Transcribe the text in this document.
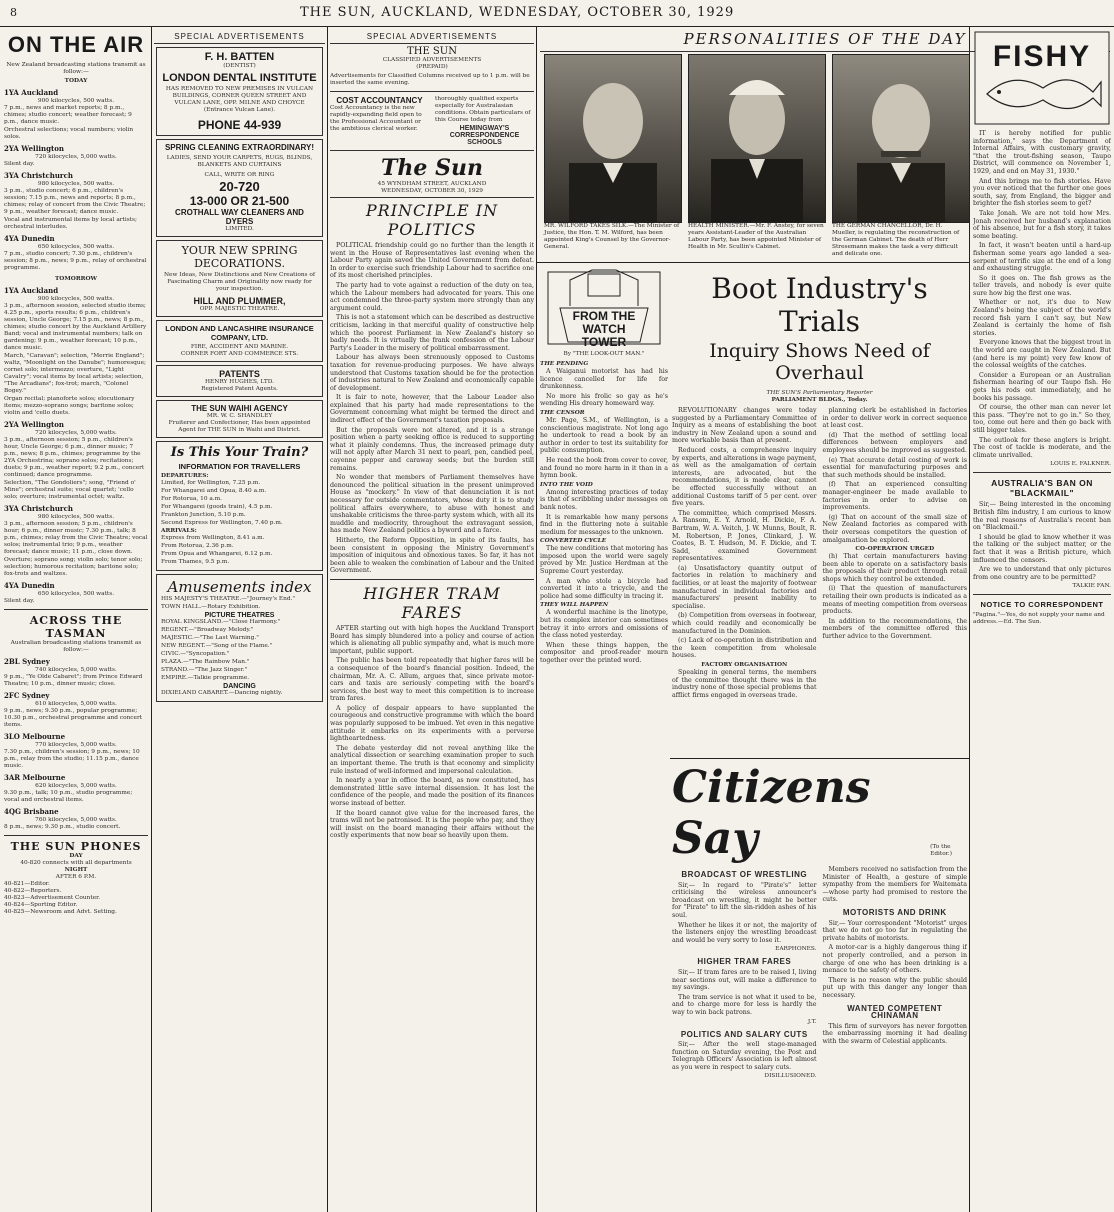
8	THE SUN, AUCKLAND, WEDNESDAY, OCTOBER 30, 1929
ON THE AIR
New Zealand broadcasting stations transmit as follow:—
TODAY
1YA Auckland
900 kilocycles, 500 watts.

7 p.m., news and market reports; 8 p.m., chimes; studio concert; weather forecast; 9 p.m., dance music.

Orchestral selections; vocal numbers; violin solos.

2YA Wellington
720 kilocycles, 5,000 watts.

Silent day.

3YA Christchurch
980 kilocycles, 500 watts.

3 p.m., studio concert; 6 p.m., children's session; 7.15 p.m., news and reports; 8 p.m., chimes; relay of concert from the Civic Theatre; 9 p.m., weather forecast; dance music.

Vocal and instrumental items by local artists; orchestral interludes.

4YA Dunedin
650 kilocycles, 500 watts.

7 p.m., studio concert; 7.30 p.m., children's session; 8 p.m., news; 9 p.m., relay of orchestral programme.

TOMORROW
1YA Auckland
900 kilocycles, 500 watts.

3 p.m., afternoon session, selected studio items; 4.25 p.m., sports results; 6 p.m., children's session, Uncle George; 7.15 p.m., news; 8 p.m., chimes; studio concert by the Auckland Artillery Band; vocal and instrumental numbers; talk on gardening; 9 p.m., weather forecast; 10 p.m., dance music.

March, "Caravan"; selection, "Merrie England"; waltz, "Moonlight on the Danube"; humoresque; cornet solo; intermezzo; overture, "Light Cavalry"; vocal items by local artists; selection, "The Arcadians"; fox-trot; march, "Colonel Bogey."

Organ recital; pianoforte solos; elocutionary items; mezzo-soprano songs; baritone solos; violin and 'cello duets.

2YA Wellington
720 kilocycles, 5,000 watts.

3 p.m., afternoon session; 5 p.m., children's hour, Uncle George; 6 p.m., dinner music; 7 p.m., news; 8 p.m., chimes; programme by the 2YA Orchestrina; soprano solos; recitations; duets; 9 p.m., weather report; 9.2 p.m., concert continued; dance programme.

Selection, "The Gondoliers"; song, "Friend o' Mine"; orchestral suite; vocal quartet; 'cello solo; overture; instrumental octet; waltz.

3YA Christchurch
980 kilocycles, 500 watts.

3 p.m., afternoon session; 5 p.m., children's hour; 6 p.m., dinner music; 7.30 p.m., talk; 8 p.m., chimes; relay from the Civic Theatre; vocal solos; instrumental trio; 9 p.m., weather forecast; dance music; 11 p.m., close down.

Overture; soprano song; violin solo; tenor solo; selection; humorous recitation; baritone solo; fox-trots and waltzes.

4YA Dunedin
650 kilocycles, 500 watts.

Silent day.

ACROSS THE TASMAN
Australian broadcasting stations transmit as follow:—
2BL Sydney
740 kilocycles, 5,000 watts.

9 p.m., "Ye Olde Cabaret"; from Prince Edward Theatre; 10 p.m., dinner music; close.

2FC Sydney
610 kilocycles, 5,000 watts.

9 p.m., news; 9.30 p.m., popular programme; 10.30 p.m., orchestral programme and concert items.

3LO Melbourne
770 kilocycles, 5,000 watts.

7.30 p.m., children's session; 9 p.m., news; 10 p.m., relay from the studio; 11.15 p.m., dance music.

3AR Melbourne
620 kilocycles, 5,000 watts.

9.30 p.m., talk; 10 p.m., studio programme; vocal and orchestral items.

4QG Brisbane
760 kilocycles, 5,000 watts.

8 p.m., news; 9.30 p.m., studio concert.

THE SUN PHONES
DAY
40-820 connects with all departments
NIGHT
AFTER 6 P.M.
40-821—Editor.
40-822—Reporters.
40-823—Advertisement Counter.
40-824—Sporting Editor.
40-825—Newsroom and Advt. Setting.
SPECIAL ADVERTISEMENTS
F. H. BATTEN
(DENTIST)
LONDON DENTAL INSTITUTE
HAS REMOVED TO NEW PREMISES IN VULCAN BUILDINGS, CORNER QUEEN STREET AND VULCAN LANE, OPP. MILNE AND CHOYCE (Entrance Vulcan Lane).
PHONE 44-939
SPRING CLEANING EXTRAORDINARY!
LADIES, SEND YOUR CARPETS, RUGS, BLINDS, BLANKETS AND CURTAINS
CALL, WRITE OR RING
20-720
13-000 OR 21-500
CROTHALL WAY CLEANERS AND DYERS
LIMITED.
YOUR NEW SPRING DECORATIONS.
New Ideas, New Distinctions and New Creations of Fascinating Charm and Originality now ready for your inspection.
HILL AND PLUMMER,
OPP. MAJESTIC THEATRE.
LONDON AND LANCASHIRE INSURANCE COMPANY, LTD.
FIRE, ACCIDENT AND MARINE.
CORNER FORT AND COMMERCE STS.
PATENTS
HENRY HUGHES, LTD.
Registered Patent Agents.
THE SUN WAIHI AGENCY
MR. W. C. SHANDLEY
Fruiterer and Confectioner, Has been appointed Agent for THE SUN in Waihi and District.
Is This Your Train?
INFORMATION FOR TRAVELLERS
DEPARTURES:

Limited, for Wellington, 7.25 p.m.

For Whangarei and Opua, 8.40 a.m.

For Rotorua, 10 a.m.

For Whangarei (goods train), 4.5 p.m.

Frankton Junction, 5.10 p.m.

Second Express for Wellington, 7.40 p.m.

ARRIVALS:

Express from Wellington, 8.41 a.m.

From Rotorua, 2.36 p.m.

From Opua and Whangarei, 6.12 p.m.

From Thames, 9.5 p.m.

Amusements index

HIS MAJESTY'S THEATRE.—"Journey's End."

TOWN HALL.—Rotary Exhibition.

PICTURE THEATRES

ROYAL KINGSLAND.—"Close Harmony."

REGENT.—"Broadway Melody."

MAJESTIC.—"The Last Warning."

NEW REGENT.—"Song of the Flame."

CIVIC.—"Syncopation."

PLAZA.—"The Rainbow Man."

STRAND.—"The Jazz Singer."

EMPIRE.—Talkie programme.

DANCING

DIXIELAND CABARET.—Dancing nightly.

SPECIAL ADVERTISEMENTS
THE SUN
CLASSIFIED ADVERTISEMENTS
(PREPAID)

Advertisements for Classified Columns received up to 1 p.m. will be inserted the same evening.

COST ACCOUNTANCY
Cost Accountancy is the new rapidly-expanding field open to the Professional Accountant or the ambitious clerical worker.

thoroughly qualified experts especially for Australasian conditions. Obtain particulars of this Course today from

HEMINGWAY'S CORRESPONDENCE SCHOOLS
The Sun
45 WYNDHAM STREET, AUCKLAND
WEDNESDAY, OCTOBER 30, 1929
PRINCIPLE IN POLITICS

POLITICAL friendship could go no further than the length it went in the House of Representatives last evening when the Labour Party again saved the United Government from defeat. In order to exercise such friendship Labour had to sacrifice one of its most cherished principles.

The party had to vote against a reduction of the duty on tea, which the Labour members had advocated for years. This one act condemned the three-party system more strongly than any argument could.

This is not a statement which can be described as destructive criticism, lacking in that merciful quality of constructive help which the poorest Parliament in New Zealand's history so badly needs. It is virtually the frank confession of the Labour Party's Leader in the misery of political embarrassment.

Labour has always been strenuously opposed to Customs taxation for revenue-producing purposes. We have always understood that Customs taxation should be for the protection of industries natural to New Zealand and economically capable of development.

It is fair to note, however, that the Labour Leader also explained that his party had made representations to the Government concerning what might be termed the direct and indirect effect of the Government's taxation proposals.

But the proposals were not altered, and it is a strange position when a party seeking office is reduced to supporting what it plainly condemns. Thus, the increased primage duty will not apply after March 31 next to pearl, pen, candied peel, cayenne pepper and caraway seeds; but the burden still remains.

No wonder that members of Parliament themselves have denounced the political situation in the present unimproved House as "mockery." In view of that denunciation it is not necessary for outside commentators, whose duty it is to study political affairs everywhere, to abuse with honest and unshakable criticisms the three-party system which, with all its muddle and mediocrity, throughout the extravagant session, has made New Zealand politics a byword and a farce.

Hitherto, the Reform Opposition, in spite of its faults, has been consistent in opposing the Ministry Government's imposition of iniquitous and obnoxious taxes. So far, it has not been able to weaken the combination of Labour and the United Government.

HIGHER TRAM FARES

AFTER starting out with high hopes the Auckland Transport Board has simply blundered into a policy and course of action which is alienating all public sympathy and, what is much more important, public support.

The public has been told repeatedly that higher fares will be a consequence of the board's financial position. Indeed, the chairman, Mr. A. C. Allum, argues that, since private motor-cars and taxis are seriously competing with the board's services, the best way to meet this competition is to increase tram fares.

A policy of despair appears to have supplanted the courageous and constructive programme with which the board was popularly supposed to be imbued. Yet even in this negative attitude it embarks on its experiments with a perverse lightheartedness.

The debate yesterday did not reveal anything like the analytical dissection or searching examination proper to such an important theme. The truth is that economy and simplicity rule instead of well-informed and impersonal calculation.

In nearly a year in office the board, as now constituted, has demonstrated little save internal dissension. It has lost the confidence of the people, and made the position of its finances worse instead of better.

If the board cannot give value for the increased fares, the trams will not be patronised. It is the people who pay, and they will insist on the board managing their affairs without the costly experiments that now bear so heavily upon them.

PERSONALITIES OF THE DAY
MR. WILFORD TAKES SILK.—The Minister of Justice, the Hon. T. M. Wilford, has been appointed King's Counsel by the Governor-General.
HEALTH MINISTER.—Mr. F. Anstey, for seven years Assistant-Leader of the Australian Labour Party, has been appointed Minister of Health in Mr. Scullin's Cabinet.
THE GERMAN CHANCELLOR, Dr. H. Mueller, is regulating the reconstruction of the German Cabinet. The death of Herr Stresemann makes the task a very difficult and delicate one.
FROM THE WATCH TOWER
By "THE LOOK-OUT MAN."
THE PENDING

A Waiganui motorist has had his licence cancelled for life for drunkenness.

No more his frolic so gay as he's wending His dreary homeward way.

THE CENSOR

Mr. Page, S.M., of Wellington, is a conscientious magistrate. Not long ago he undertook to read a book by an author in order to test its suitability for public consumption.

He read the book from cover to cover, and found no more harm in it than in a hymn book.

INTO THE VOID

Among interesting practices of today is that of scribbling under messages on bank notes.

It is remarkable how many persons find in the fluttering note a suitable medium for messages to the unknown.

CONVERTED CYCLE

The new conditions that motoring has imposed upon the world were sagely proved by Mr. Justice Herdman at the Supreme Court yesterday.

A man who stole a bicycle had converted it into a tricycle, and the police had some difficulty in tracing it.

THEY WILL HAPPEN

A wonderful machine is the linotype, but its complex interior can sometimes betray it into errors and omissions of the class noted yesterday.

When these things happen, the compositor and proof-reader mourn together over the printed word.

Boot Industry's Trials
Inquiry Shows Need of Overhaul
THE SUN'S Parliamentary Reporter
PARLIAMENT BLDGS., Today.

REVOLUTIONARY changes were today suggested by a Parliamentary Committee of Inquiry as a means of establishing the boot industry in New Zealand upon a sound and more workable basis than at present.

Reduced costs, a comprehensive inquiry by experts, and alterations in wage payment, as well as the amalgamation of certain interests, are advocated, but the recommendations, it is made clear, cannot be effected successfully without an additional Customs tariff of 5 per cent. over five years.

The committee, which comprised Messrs. A. Ransom, E. Y. Arnold, H. Dickie, F. A. Bartram, W. A. Veitch, J. W. Munns, Boult, R. M. Robertson, P. Jones, Clinkard, J. W. Coates, B. T. Hudson, M. F. Dickie, and T. Sadd, examined Government representatives.

(a) Unsatisfactory quantity output of factories in relation to machinery and facilities, or at least the majority of footwear manufactured in individual factories and manufacturers' present inability to specialise.

(b) Competition from overseas in footwear, which could readily and economically be manufactured in the Dominion.

(c) Lack of co-operation in distribution and the keen competition from wholesale houses.

FACTORY ORGANISATION

Speaking in general terms, the members of the committee thought there was in the industry none of those special problems that afflict firms engaged in overseas trade.

planning clerk be established in factories in order to deliver work in correct sequence at least cost.

(d) That the method of settling local differences between employers and employees should be improved as suggested.

(e) That accurate detail costing of work is essential for manufacturing purposes and that such methods should be installed.

(f) That an experienced consulting manager-engineer be made available to factories in order to advise on improvements.

(g) That on account of the small size of New Zealand factories as compared with their overseas competitors the question of amalgamation be explored.

CO-OPERATION URGED

(h) That certain manufacturers having been able to operate on a satisfactory basis the proposals of their product through retail shops which they control be extended.

(i) That the question of manufacturers retailing their own products is indicated as a means of meeting competition from overseas products.

In addition to the recommendations, the members of the committee offered this further advice to the Government.

Citizens Say	(To the Editor.)
BROADCAST OF WRESTLING

Sir,— In regard to "Pirate's" letter criticising the wireless announcer's broadcast on wrestling, it might be better for "Pirate" to lift the sin-ridden ashes of his soul.

Whether he likes it or not, the majority of the listeners enjoy the wrestling broadcast and would be very sorry to lose it.

EARPHONES.
HIGHER TRAM FARES

Sir,— If tram fares are to be raised I, living near sections out, will make a difference to my savings.

The tram service is not what it used to be, and to charge more for less is hardly the way to win back patrons.

J.T.
POLITICS AND SALARY CUTS

Sir,— After the well stage-managed function on Saturday evening, the Post and Telegraph Officers' Association is left almost as you were in respect to salary cuts.

DISILLUSIONED.

Members received no satisfaction from the Minister of Health, a gesture of simple sympathy from the members for Waitemata—whose party had promised to restore the cuts.

MOTORISTS AND DRINK

Sir,— Your correspondent "Motorist" urges that we do not go too far in regulating the private habits of motorists.

A motor-car is a highly dangerous thing if not properly controlled, and a person in charge of one who has been drinking is a menace to the safety of others.

There is no reason why the public should put up with this danger any longer than necessary.

WANTED COMPETENT CHINAMAN

This firm of surveyors has never forgotten the embarrassing morning it had dealing with the swarm of Celestial applicants.

FISHY

IT is hereby notified for public information," says the Department of Internal Affairs, with customary gravity, "that the trout-fishing season, Taupo District, will commence on November 1, 1929, and end on May 31, 1930."

And this brings me to fish stories. Have you ever noticed that the further one goes south, say, from England, the bigger and brighter the fish stories seem to get?

Take Jonah. We are not told how Mrs. Jonah received her husband's explanation of his absence, but for a fish story, it takes some beating.

In fact, it wasn't beaten until a hard-up fisherman some years ago landed a sea-serpent of terrific size at the end of a long and exhausting struggle.

So it goes on. The fish grows as the teller travels, and nobody is ever quite sure how big the first one was.

Whether or not, it's due to New Zealand's being the subject of the world's record fish yarn I can't say, but New Zealand is certainly the home of fish stories.

Everyone knows that the biggest trout in the world are caught in New Zealand. But (and here is my point) very few know of the colossal weights of the catches.

Consider a European or an Australian fisherman hearing of our Taupo fish. He gets his rods out immediately, and he books his passage.

Of course, the other man can never let this pass. "They're not to go in." So they, too, come out here and then go back with still bigger tales.

The outlook for these anglers is bright. The cost of tackle is moderate, and the climate unrivalled.

LOUIS E. FALKNER.
AUSTRALIA'S BAN ON "BLACKMAIL"

Sir,— Being interested in the oncoming British film industry, I am curious to know the real reasons of Australia's recent ban on "Blackmail."

I should be glad to know whether it was the talking or the subject matter, or the fact that it was a British picture, which influenced the censors.

Are we to understand that only pictures from one country are to be permitted?

TALKIE FAN.
NOTICE TO CORRESPONDENT
"Pagina."—Yes, do not supply your name and address.—Ed. The Sun.
